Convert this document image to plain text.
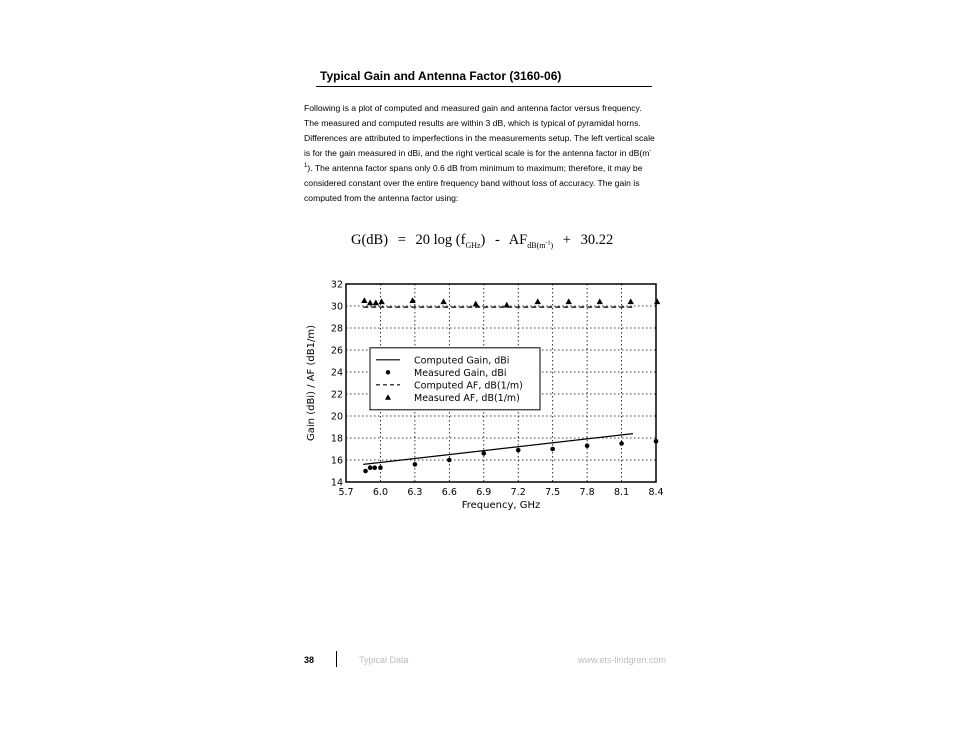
Typical Gain and Antenna Factor (3160-06)

Following is a plot of computed and measured gain and antenna factor versus frequency. The measured and computed results are within 3 dB, which is typical of pyramidal horns. Differences are attributed to imperfections in the measurements setup. The left vertical scale is for the gain measured in dBi, and the right vertical scale is for the antenna factor in $dB(m^{-1})$. The antenna factor spans only 0.6 dB from minimum to maximum; therefore, it may be considered constant over the entire frequency band without loss of accuracy. The gain is computed from the antenna factor using:

G(dB) = 20 $\log (f_{GHz}) - AF_{dB(m^{-1})} + 30.22$
5.7 6.0 6.3 6.6 6.9 7.2 7.5 7.8 8.1 8.4
14
16
18
20
22
24
26
28
30
32
Computed Gain, dBi
Measured Gain, dBi
Computed AF, dB(1/m)
Measured AF, dB(1/m)
Frequency, GHz
Gain (dBi) / AF (dB1/m)
38	Typical Data	www.ets-lindgren.com
